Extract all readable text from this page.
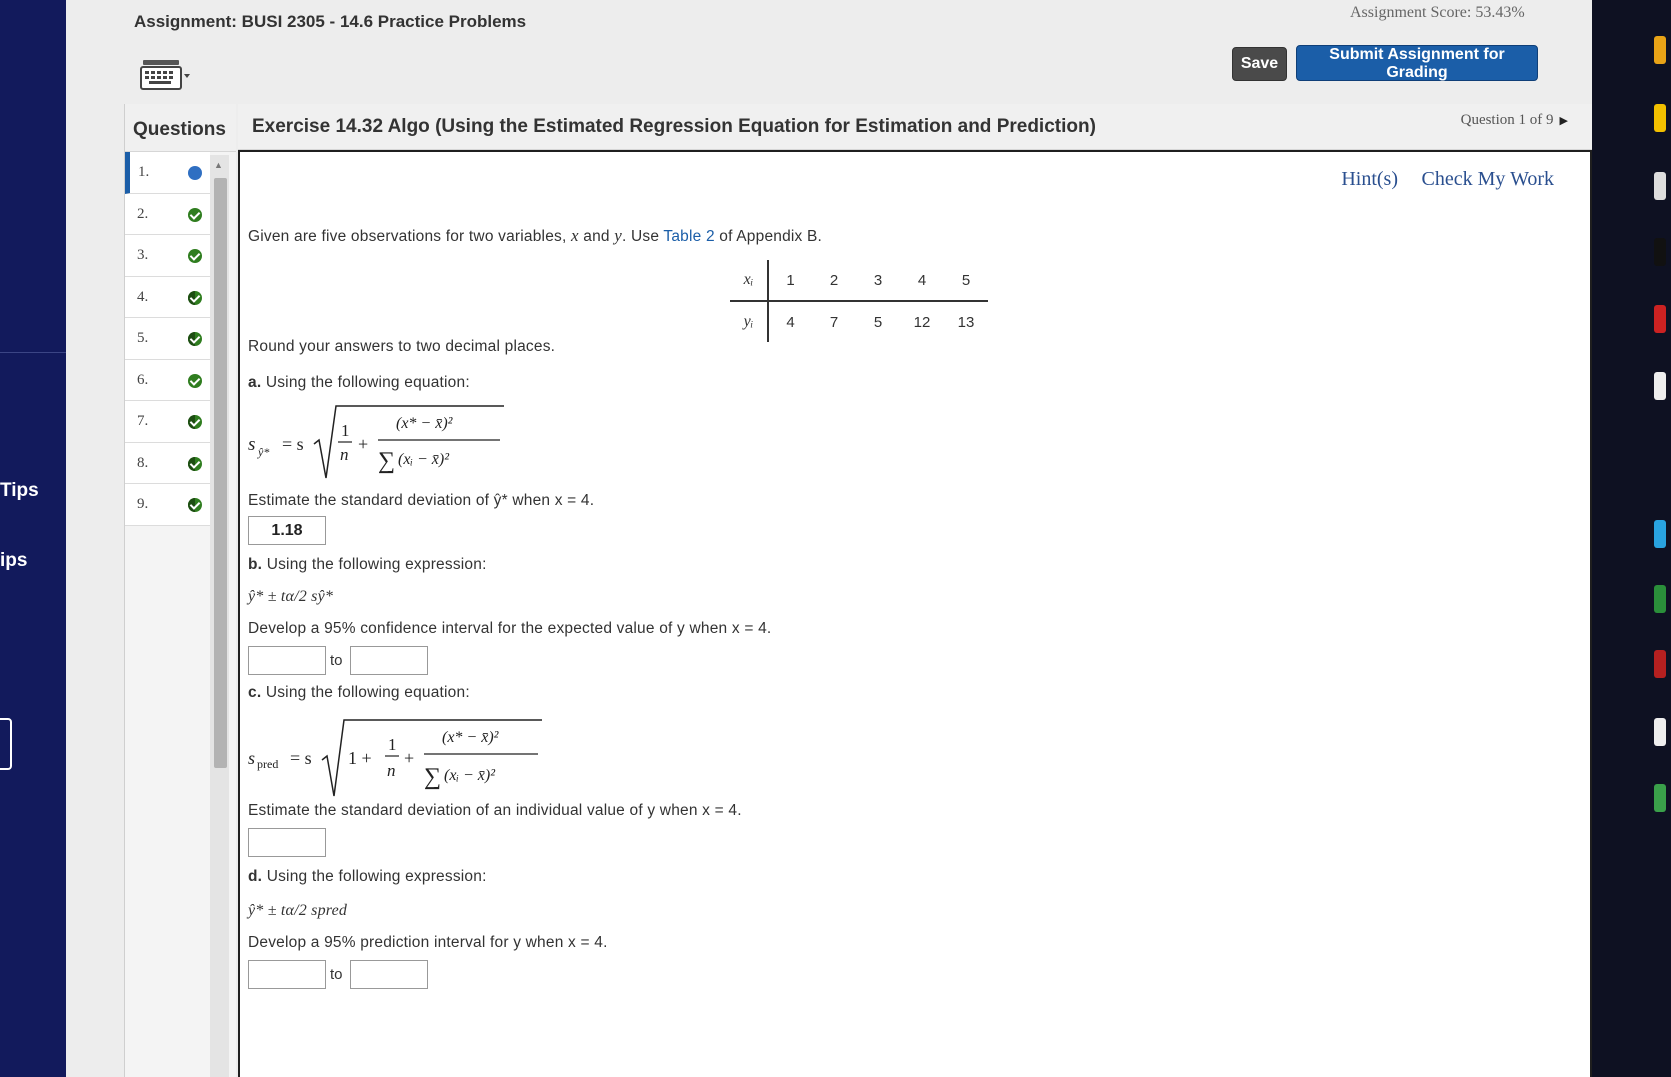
Tips
ips
Assignment: BUSI 2305 - 14.6 Practice Problems	Assignment Score: 53.43%
Save
Submit Assignment for Grading
Questions
1.
2.
3.
4.
5.
6.
7.
8.
9.
▲
Exercise 14.32 Algo (Using the Estimated Regression Equation for Estimation and Prediction)	Question 1 of 9 ▶
Hint(s) Check My Work
Given are five observations for two variables, x and y. Use Table 2 of Appendix B.
xᵢ	1	2	3	4	5
yᵢ	4	7	5	12	13
Round your answers to two decimal places.
a. Using the following equation:
s ŷ* = s
1
n
+
(x* − x̄)²
∑ (xᵢ − x̄)²
Estimate the standard deviation of ŷ* when x = 4.
1.18
b. Using the following expression:
ŷ* ± tα/2 sŷ*
Develop a 95% confidence interval for the expected value of y when x = 4.
to
c. Using the following equation:
s pred = s 1 +
1
n
+
(x* − x̄)²
∑ (xᵢ − x̄)²
Estimate the standard deviation of an individual value of y when x = 4.
d. Using the following expression:
ŷ* ± tα/2 spred
Develop a 95% prediction interval for y when x = 4.
to
